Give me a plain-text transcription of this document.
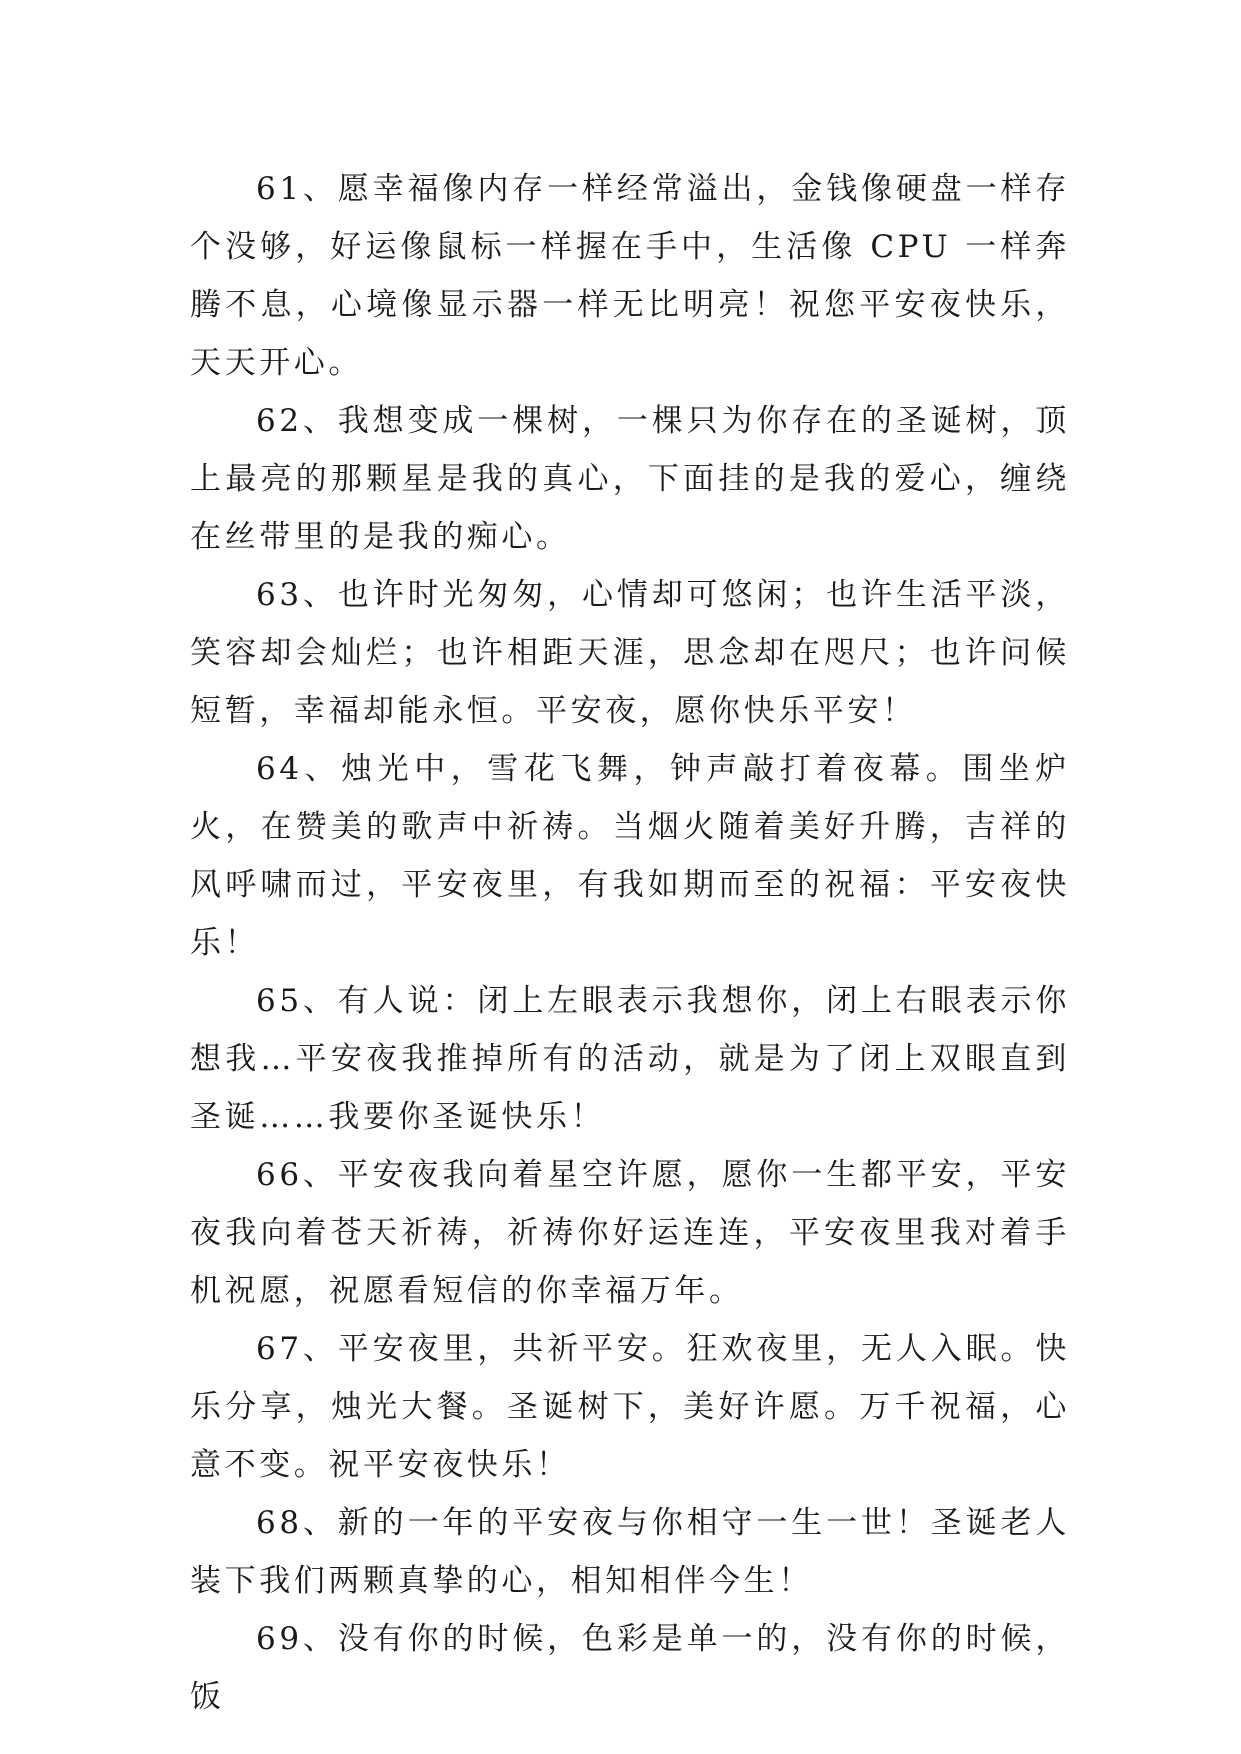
61、愿幸福像内存一样经常溢出，金钱像硬盘一样存个没够，好运像鼠标一样握在手中，生活像 CPU 一样奔腾不息，心境像显示器一样无比明亮！祝您平安夜快乐，天天开心。

62、我想变成一棵树，一棵只为你存在的圣诞树，顶上最亮的那颗星是我的真心，下面挂的是我的爱心，缠绕在丝带里的是我的痴心。

63、也许时光匆匆，心情却可悠闲；也许生活平淡，笑容却会灿烂；也许相距天涯，思念却在咫尺；也许问候短暂，幸福却能永恒。平安夜，愿你快乐平安！

64、烛光中，雪花飞舞，钟声敲打着夜幕。围坐炉火，在赞美的歌声中祈祷。当烟火随着美好升腾，吉祥的风呼啸而过，平安夜里，有我如期而至的祝福：平安夜快乐！

65、有人说：闭上左眼表示我想你，闭上右眼表示你想我…平安夜我推掉所有的活动，就是为了闭上双眼直到圣诞……我要你圣诞快乐！

66、平安夜我向着星空许愿，愿你一生都平安，平安夜我向着苍天祈祷，祈祷你好运连连，平安夜里我对着手机祝愿，祝愿看短信的你幸福万年。

67、平安夜里，共祈平安。狂欢夜里，无人入眠。快乐分享，烛光大餐。圣诞树下，美好许愿。万千祝福，心意不变。祝平安夜快乐！

68、新的一年的平安夜与你相守一生一世！圣诞老人装下我们两颗真挚的心，相知相伴今生！

69、没有你的时候，色彩是单一的，没有你的时候，饭
